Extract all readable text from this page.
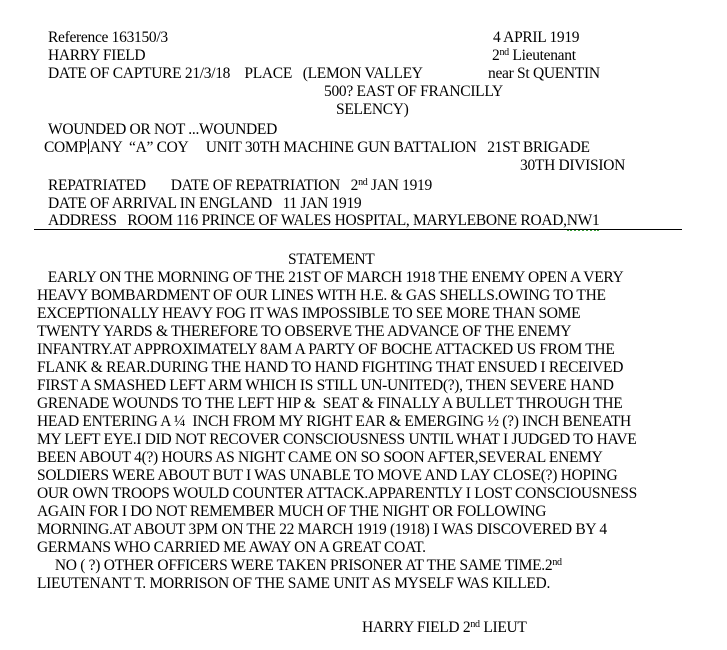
Reference 163150/3	4 APRIL 1919
HARRY FIELD	2nd Lieutenant
DATE OF CAPTURE 21/3/18    PLACE   (LEMON VALLEY	near St QUENTIN
500? EAST OF FRANCILLY
SELENCY)
WOUNDED OR NOT ...WOUNDED
COMP ANY  “A” COY     UNIT 30TH MACHINE GUN BATTALION   21ST BRIGADE
30TH DIVISION
REPATRIATED       DATE OF REPATRIATION   2nd JAN 1919
DATE OF ARRIVAL IN ENGLAND   11 JAN 1919
ADDRESS   ROOM 116 PRINCE OF WALES HOSPITAL, MARYLEBONE ROAD,NW1
STATEMENT
EARLY ON THE MORNING OF THE 21ST OF MARCH 1918 THE ENEMY OPEN A VERY
HEAVY BOMBARDMENT OF OUR LINES WITH H.E. & GAS SHELLS.OWING TO THE
EXCEPTIONALLY HEAVY FOG IT WAS IMPOSSIBLE TO SEE MORE THAN SOME
TWENTY YARDS & THEREFORE TO OBSERVE THE ADVANCE OF THE ENEMY
INFANTRY.AT APPROXIMATELY 8AM A PARTY OF BOCHE ATTACKED US FROM THE
FLANK & REAR.DURING THE HAND TO HAND FIGHTING THAT ENSUED I RECEIVED
FIRST A SMASHED LEFT ARM WHICH IS STILL UN-UNITED(?), THEN SEVERE HAND
GRENADE WOUNDS TO THE LEFT HIP &  SEAT & FINALLY A BULLET THROUGH THE
HEAD ENTERING A ¼  INCH FROM MY RIGHT EAR & EMERGING ½ (?) INCH BENEATH
MY LEFT EYE.I DID NOT RECOVER CONSCIOUSNESS UNTIL WHAT I JUDGED TO HAVE
BEEN ABOUT 4(?) HOURS AS NIGHT CAME ON SO SOON AFTER,SEVERAL ENEMY
SOLDIERS WERE ABOUT BUT I WAS UNABLE TO MOVE AND LAY CLOSE(?) HOPING
OUR OWN TROOPS WOULD COUNTER ATTACK.APPARENTLY I LOST CONSCIOUSNESS
AGAIN FOR I DO NOT REMEMBER MUCH OF THE NIGHT OR FOLLOWING
MORNING.AT ABOUT 3PM ON THE 22 MARCH 1919 (1918) I WAS DISCOVERED BY 4
GERMANS WHO CARRIED ME AWAY ON A GREAT COAT.
NO ( ?) OTHER OFFICERS WERE TAKEN PRISONER AT THE SAME TIME.2nd
LIEUTENANT T. MORRISON OF THE SAME UNIT AS MYSELF WAS KILLED.
HARRY FIELD 2nd LIEUT
